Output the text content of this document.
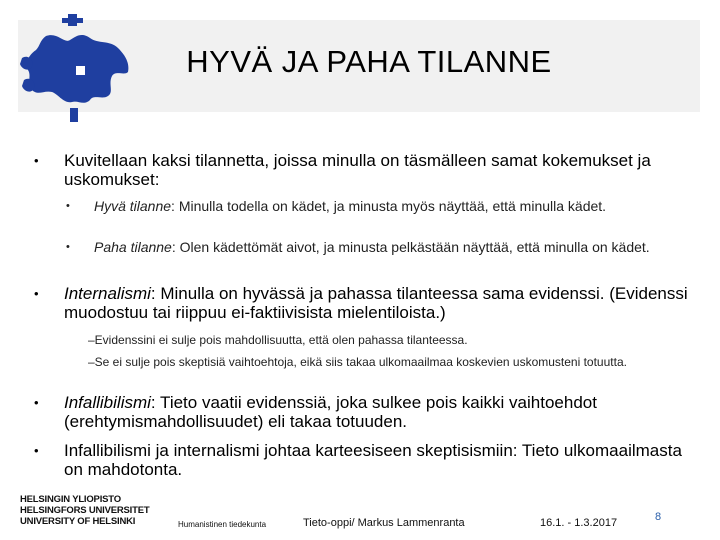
HYVÄ JA PAHA TILANNE
• Kuvitellaan kaksi tilannetta, joissa minulla on täsmälleen samat kokemukset ja uskomukset:
• Hyvä tilanne: Minulla todella on kädet, ja minusta myös näyttää, että minulla kädet.
• Paha tilanne: Olen kädettömät aivot, ja minusta pelkästään näyttää, että minulla on kädet.
• Internalismi: Minulla on hyvässä ja pahassa tilanteessa sama evidenssi. (Evidenssi muodostuu tai riippuu ei-faktiivisista mielentiloista.)
–Evidenssini ei sulje pois mahdollisuutta, että olen pahassa tilanteessa.
–Se ei sulje pois skeptisiä vaihtoehtoja, eikä siis takaa ulkomaailmaa koskevien uskomusteni totuutta.
• Infallibilismi: Tieto vaatii evidenssiä, joka sulkee pois kaikki vaihtoehdot (erehtymismahdollisuudet) eli takaa totuuden.
• Infallibilismi ja internalismi johtaa karteesiseen skeptisismiin: Tieto ulkomaailmasta on mahdotonta.
HELSINGIN YLIOPISTO
HELSINGFORS UNIVERSITET
UNIVERSITY OF HELSINKI	Humanistinen tiedekunta	Tieto-oppi/ Markus Lammenranta	16.1. - 1.3.2017	8
